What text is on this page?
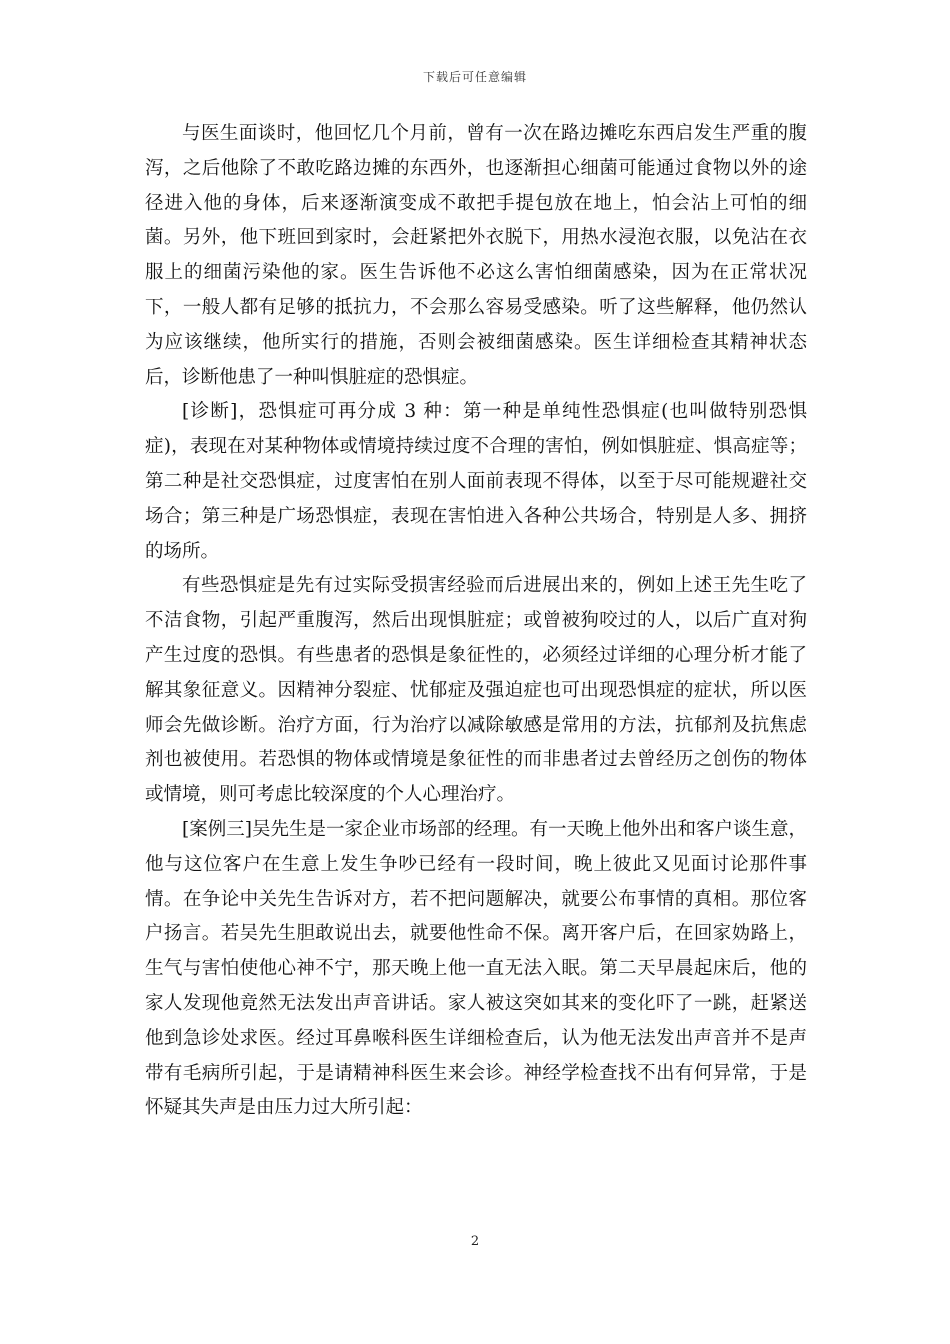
下载后可任意编辑

与医生面谈时，他回忆几个月前，曾有一次在路边摊吃东西启发生严重的腹泻，之后他除了不敢吃路边摊的东西外，也逐渐担心细菌可能通过食物以外的途径进入他的身体，后来逐渐演变成不敢把手提包放在地上，怕会沾上可怕的细菌。另外，他下班回到家时，会赶紧把外衣脱下，用热水浸泡衣服，以免沾在衣服上的细菌污染他的家。医生告诉他不必这么害怕细菌感染，因为在正常状况下，一般人都有足够的抵抗力，不会那么容易受感染。听了这些解释，他仍然认为应该继续，他所实行的措施，否则会被细菌感染。医生详细检查其精神状态后，诊断他患了一种叫惧脏症的恐惧症。

[诊断]，恐惧症可再分成 3 种：第一种是单纯性恐惧症(也叫做特别恐惧症)，表现在对某种物体或情境持续过度不合理的害怕，例如惧脏症、惧高症等；第二种是社交恐惧症，过度害怕在别人面前表现不得体，以至于尽可能规避社交场合；第三种是广场恐惧症，表现在害怕进入各种公共场合，特别是人多、拥挤的场所。

有些恐惧症是先有过实际受损害经验而后进展出来的，例如上述王先生吃了不洁食物，引起严重腹泻，然后出现惧脏症；或曾被狗咬过的人，以后广直对狗产生过度的恐惧。有些患者的恐惧是象征性的，必须经过详细的心理分析才能了解其象征意义。因精神分裂症、忧郁症及强迫症也可出现恐惧症的症状，所以医师会先做诊断。治疗方面，行为治疗以减除敏感是常用的方法，抗郁剂及抗焦虑剂也被使用。若恐惧的物体或情境是象征性的而非患者过去曾经历之创伤的物体或情境，则可考虑比较深度的个人心理治疗。

[案例三]吴先生是一家企业市场部的经理。有一天晚上他外出和客户谈生意，他与这位客户在生意上发生争吵已经有一段时间，晚上彼此又见面讨论那件事情。在争论中关先生告诉对方，若不把问题解决，就要公布事情的真相。那位客户扬言。若吴先生胆敢说出去，就要他性命不保。离开客户后，在回家妫路上，生气与害怕使他心神不宁，那天晚上他一直无法入眠。第二天早晨起床后，他的家人发现他竟然无法发出声音讲话。家人被这突如其来的变化吓了一跳，赶紧送他到急诊处求医。经过耳鼻喉科医生详细检查后，认为他无法发出声音并不是声带有毛病所引起，于是请精神科医生来会诊。神经学检查找不出有何异常，于是怀疑其失声是由压力过大所引起：

2
